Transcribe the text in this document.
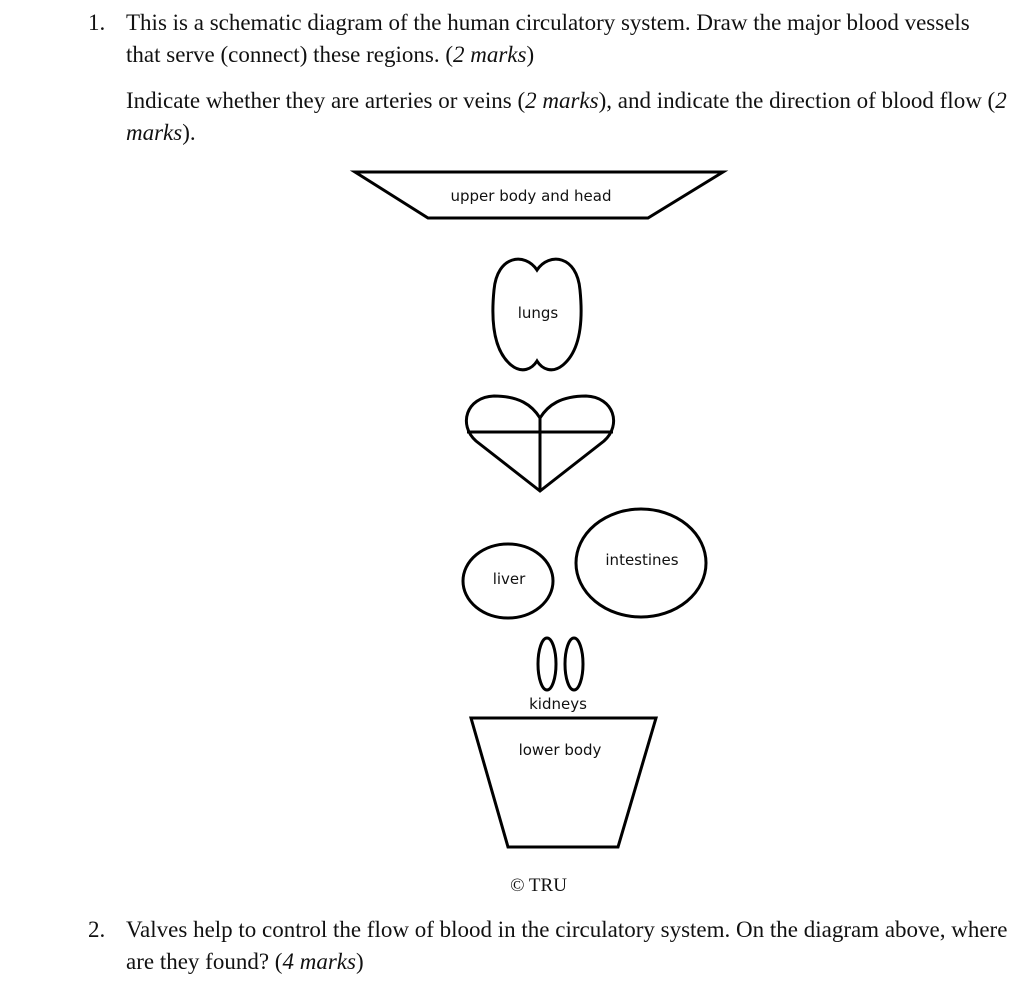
1. This is a schematic diagram of the human circulatory system. Draw the major blood vessels that serve (connect) these regions. (2 marks)
Indicate whether they are arteries or veins (2 marks), and indicate the direction of blood flow (2 marks).
upper body and head
lungs
liver
intestines
kidneys
lower body
© TRU
2. Valves help to control the flow of blood in the circulatory system. On the diagram above, where are they found? (4 marks)
